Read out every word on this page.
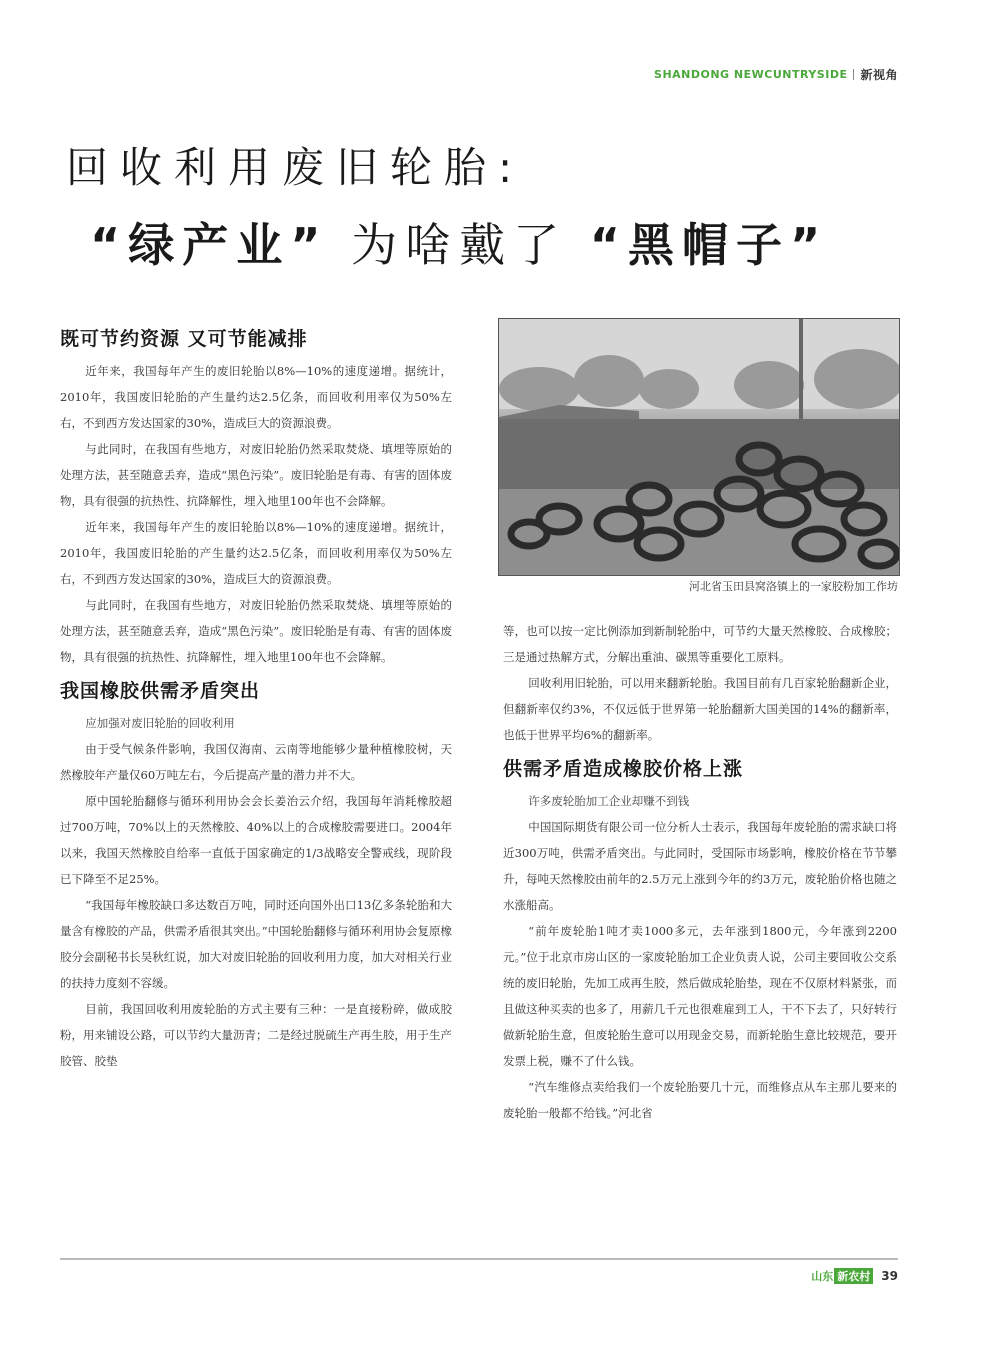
SHANDONG NEWCUNTRYSIDE 新视角
回收利用废旧轮胎:
“绿产业” 为啥戴了 “黑帽子”
既可节约资源 又可节能减排

近年来，我国每年产生的废旧轮胎以8%—10%的速度递增。据统计，2010年，我国废旧轮胎的产生量约达2.5亿条，而回收利用率仅为50%左右，不到西方发达国家的30%，造成巨大的资源浪费。

与此同时，在我国有些地方，对废旧轮胎仍然采取焚烧、填埋等原始的处理方法，甚至随意丢弃，造成“黑色污染”。废旧轮胎是有毒、有害的固体废物，具有很强的抗热性、抗降解性，埋入地里100年也不会降解。

近年来，我国每年产生的废旧轮胎以8%—10%的速度递增。据统计，2010年，我国废旧轮胎的产生量约达2.5亿条，而回收利用率仅为50%左右，不到西方发达国家的30%，造成巨大的资源浪费。

与此同时，在我国有些地方，对废旧轮胎仍然采取焚烧、填埋等原始的处理方法，甚至随意丢弃，造成“黑色污染”。废旧轮胎是有毒、有害的固体废物，具有很强的抗热性、抗降解性，埋入地里100年也不会降解。

我国橡胶供需矛盾突出

应加强对废旧轮胎的回收利用

由于受气候条件影响，我国仅海南、云南等地能够少量种植橡胶树，天然橡胶年产量仅60万吨左右，今后提高产量的潜力并不大。

原中国轮胎翻修与循环利用协会会长姜治云介绍，我国每年消耗橡胶超过700万吨，70%以上的天然橡胶、40%以上的合成橡胶需要进口。2004年以来，我国天然橡胶自给率一直低于国家确定的1/3战略安全警戒线，现阶段已下降至不足25%。

“我国每年橡胶缺口多达数百万吨，同时还向国外出口13亿多条轮胎和大量含有橡胶的产品，供需矛盾很其突出。”中国轮胎翻修与循环利用协会复原橡胶分会副秘书长吴秋红说，加大对废旧轮胎的回收利用力度，加大对相关行业的扶持力度刻不容缓。

目前，我国回收利用废轮胎的方式主要有三种：一是直接粉碎，做成胶粉，用来铺设公路，可以节约大量沥青；二是经过脱硫生产再生胶，用于生产胶管、胶垫

河北省玉田县窝洛镇上的一家胶粉加工作坊

等，也可以按一定比例添加到新制轮胎中，可节约大量天然橡胶、合成橡胶；三是通过热解方式，分解出重油、碳黑等重要化工原料。

回收利用旧轮胎，可以用来翻新轮胎。我国目前有几百家轮胎翻新企业，但翻新率仅约3%，不仅远低于世界第一轮胎翻新大国美国的14%的翻新率，也低于世界平均6%的翻新率。

供需矛盾造成橡胶价格上涨

许多废轮胎加工企业却赚不到钱

中国国际期货有限公司一位分析人士表示，我国每年废轮胎的需求缺口将近300万吨，供需矛盾突出。与此同时，受国际市场影响，橡胶价格在节节攀升，每吨天然橡胶由前年的2.5万元上涨到今年的约3万元，废轮胎价格也随之水涨船高。

“前年废轮胎1吨才卖1000多元，去年涨到1800元，今年涨到2200元。”位于北京市房山区的一家废轮胎加工企业负责人说，公司主要回收公交系统的废旧轮胎，先加工成再生胶，然后做成轮胎垫，现在不仅原材料紧张，而且做这种买卖的也多了，用薪几千元也很难雇到工人，干不下去了，只好转行做新轮胎生意，但废轮胎生意可以用现金交易，而新轮胎生意比较规范，要开发票上税，赚不了什么钱。

“汽车维修点卖给我们一个废轮胎要几十元，而维修点从车主那儿要来的废轮胎一般都不给钱。”河北省

山东 新农村 39
